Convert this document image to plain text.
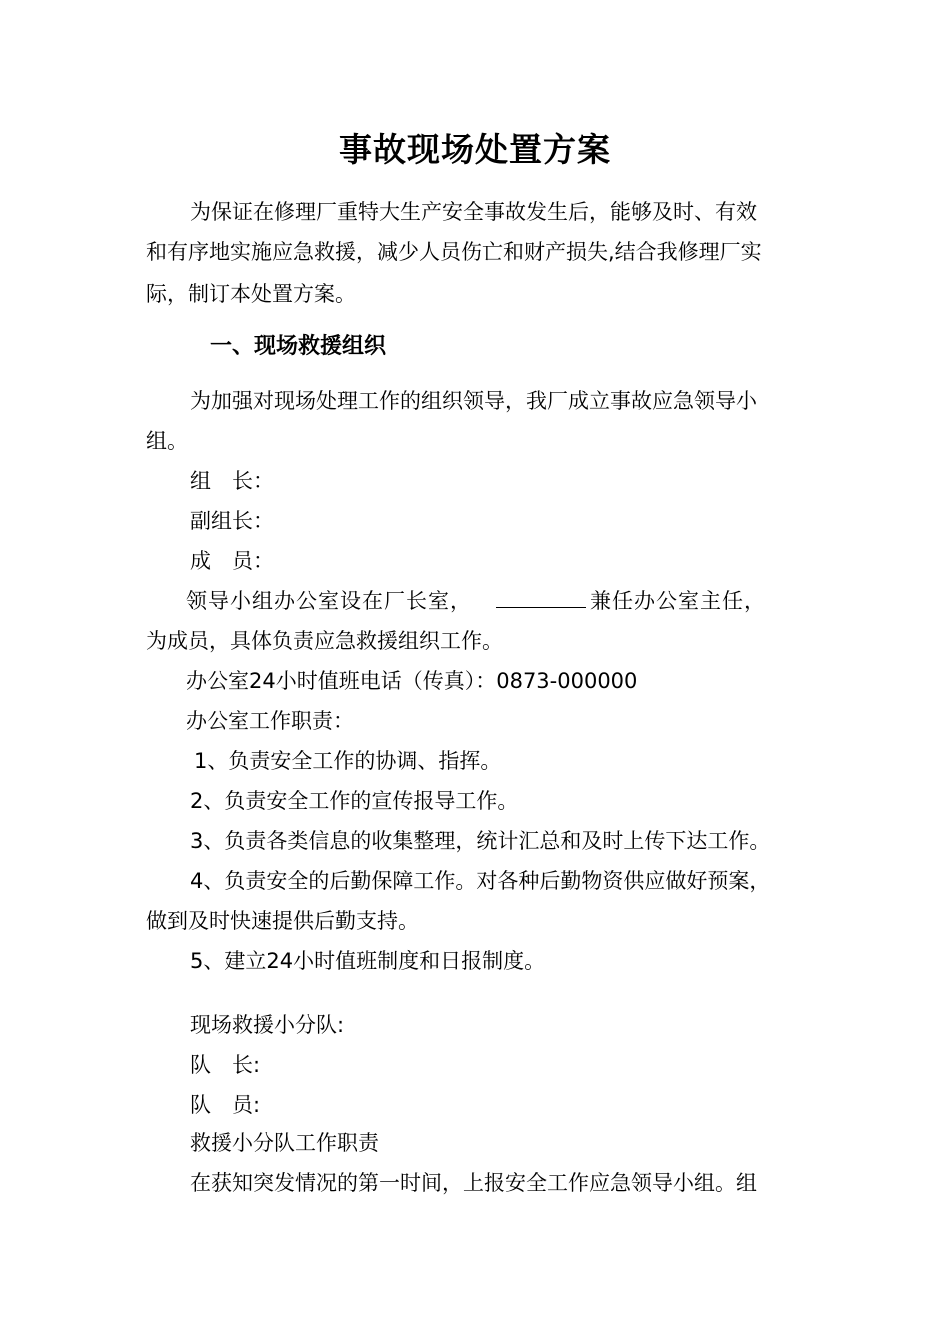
事故现场处置方案
为保证在修理厂重特大生产安全事故发生后，能够及时、有效
和有序地实施应急救援，减少人员伤亡和财产损失,结合我修理厂实
际，制订本处置方案。
一、现场救援组织
为加强对现场处理工作的组织领导，我厂成立事故应急领导小
组。
组　长：
副组长：
成　员：
领导小组办公室设在厂长室，	兼任办公室主任，
为成员，具体负责应急救援组织工作。
办公室24小时值班电话（传真）：0873-000000
办公室工作职责：
1、负责安全工作的协调、指挥。
2、负责安全工作的宣传报导工作。
3、负责各类信息的收集整理，统计汇总和及时上传下达工作。
4、负责安全的后勤保障工作。对各种后勤物资供应做好预案，
做到及时快速提供后勤支持。
5、建立24小时值班制度和日报制度。
现场救援小分队:
队　长:
队　员:
救援小分队工作职责
在获知突发情况的第一时间，上报安全工作应急领导小组。组
